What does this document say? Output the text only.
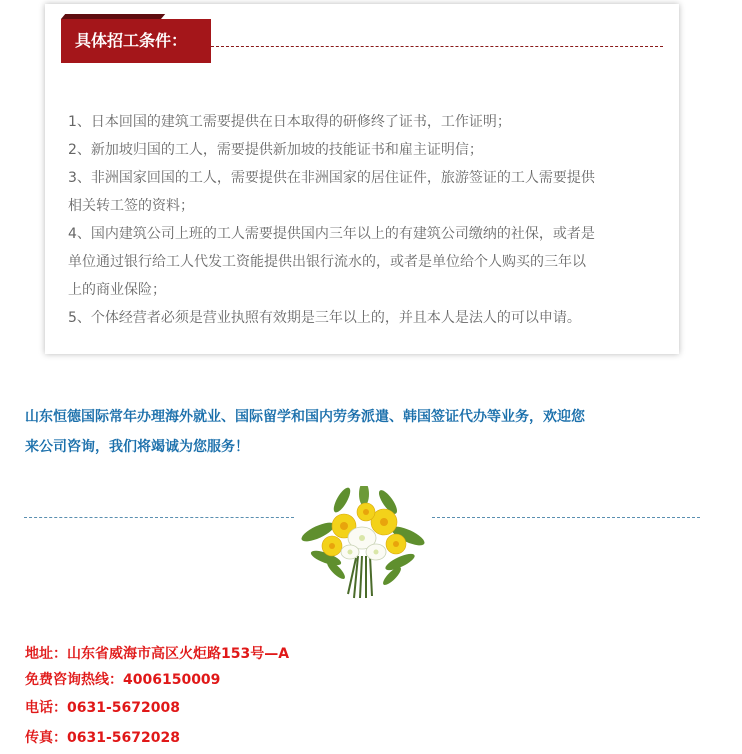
具体招工条件：
1、日本回国的建筑工需要提供在日本取得的研修终了证书，工作证明；
2、新加坡归国的工人，需要提供新加坡的技能证书和雇主证明信；
3、非洲国家回国的工人，需要提供在非洲国家的居住证件，旅游签证的工人需要提供
相关转工签的资料；
4、国内建筑公司上班的工人需要提供国内三年以上的有建筑公司缴纳的社保，或者是
单位通过银行给工人代发工资能提供出银行流水的，或者是单位给个人购买的三年以
上的商业保险；
5、个体经营者必须是营业执照有效期是三年以上的，并且本人是法人的可以申请。
山东恒德国际常年办理海外就业、国际留学和国内劳务派遣、韩国签证代办等业务，欢迎您
来公司咨询，我们将竭诚为您服务！

地址：山东省威海市高区火炬路153号—A

免费咨询热线：4006150009

电话：0631-5672008

传真：0631-5672028
